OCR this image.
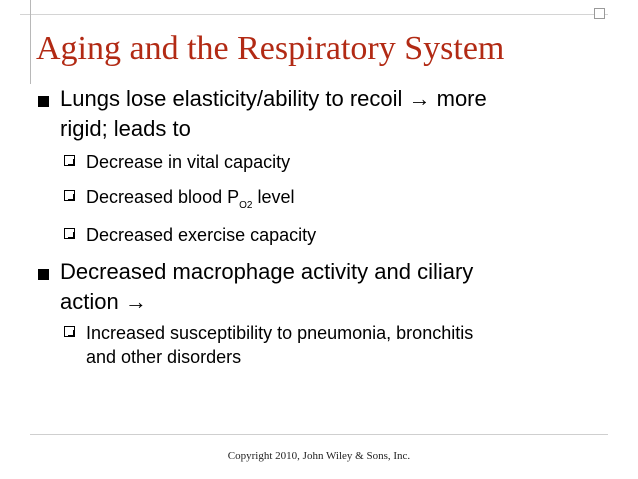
Aging and the Respiratory System
Lungs lose elasticity/ability to recoil → more
rigid; leads to
Decrease in vital capacity
Decreased blood $P_{O2}$ level
Decreased exercise capacity
Decreased macrophage activity and ciliary
action →
Increased susceptibility to pneumonia, bronchitis
and other disorders
Copyright 2010, John Wiley & Sons, Inc.
